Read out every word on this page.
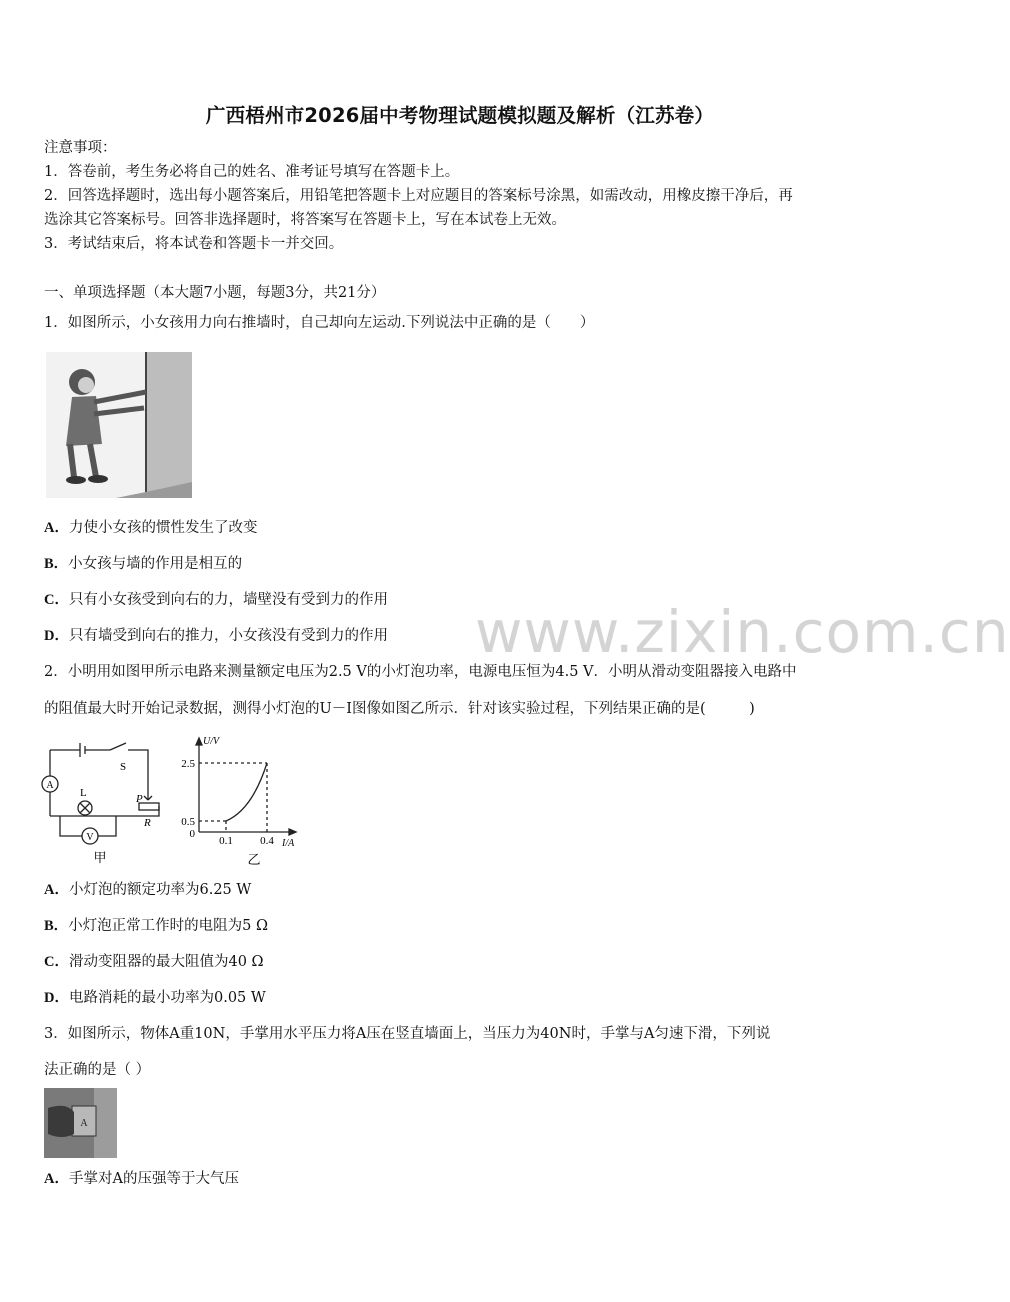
广西梧州市2026届中考物理试题模拟题及解析（江苏卷）
注意事项：
1．答卷前，考生务必将自己的姓名、准考证号填写在答题卡上。
2．回答选择题时，选出每小题答案后，用铅笔把答题卡上对应题目的答案标号涂黑，如需改动，用橡皮擦干净后，再
选涂其它答案标号。回答非选择题时，将答案写在答题卡上，写在本试卷上无效。
3．考试结束后，将本试卷和答题卡一并交回。
一、单项选择题（本大题7小题，每题3分，共21分）
1．如图所示，小女孩用力向右推墙时，自己却向左运动.下列说法中正确的是（　　）
A．力使小女孩的惯性发生了改变
B．小女孩与墙的作用是相互的
C．只有小女孩受到向右的力，墙壁没有受到力的作用
D．只有墙受到向右的推力，小女孩没有受到力的作用 www.zixin.com.cn
2．小明用如图甲所示电路来测量额定电压为2.5 V的小灯泡功率，电源电压恒为4.5 V．小明从滑动变阻器接入电路中
的阻值最大时开始记录数据，测得小灯泡的U－I图像如图乙所示．针对该实验过程，下列结果正确的是(　　　)
A
V
S
L	P
R
甲
U/V
I/A
2.5
0.5
0
0.1 0.4
乙
A．小灯泡的额定功率为6.25 W
B．小灯泡正常工作时的电阻为5 Ω
C．滑动变阻器的最大阻值为40 Ω
D．电路消耗的最小功率为0.05 W
3．如图所示，物体A重10N，手掌用水平压力将A压在竖直墙面上，当压力为40N时，手掌与A匀速下滑，下列说
法正确的是（ ）
A
A．手掌对A的压强等于大气压
